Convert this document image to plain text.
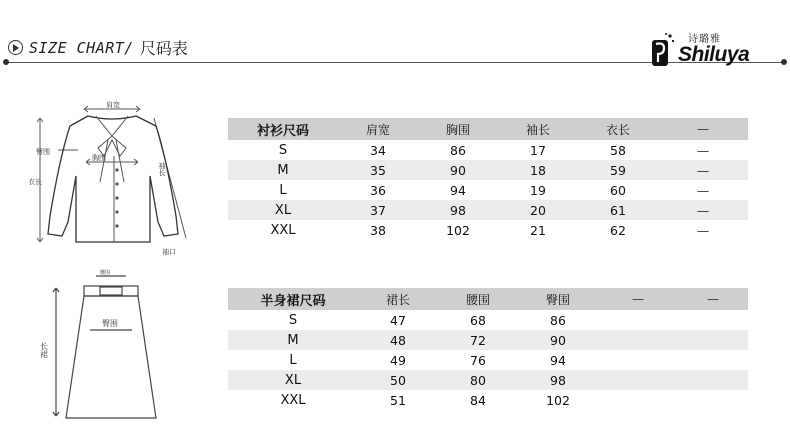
SIZE CHART/ 尺码表	诗璐雅
Shiluya
肩宽
胸围
臂围
衣长
袖长
袖口
腰围
臀围
长裙
衬衫尺码	肩宽	胸围	袖长	衣长	—
S	34	86	17	58	—
M	35	90	18	59	—
L	36	94	19	60	—
XL	37	98	20	61	—
XXL	38	102	21	62	—
半身裙尺码	裙长	腰围	臀围	—	—
S	47	68	86		
M	48	72	90		
L	49	76	94		
XL	50	80	98		
XXL	51	84	102		
